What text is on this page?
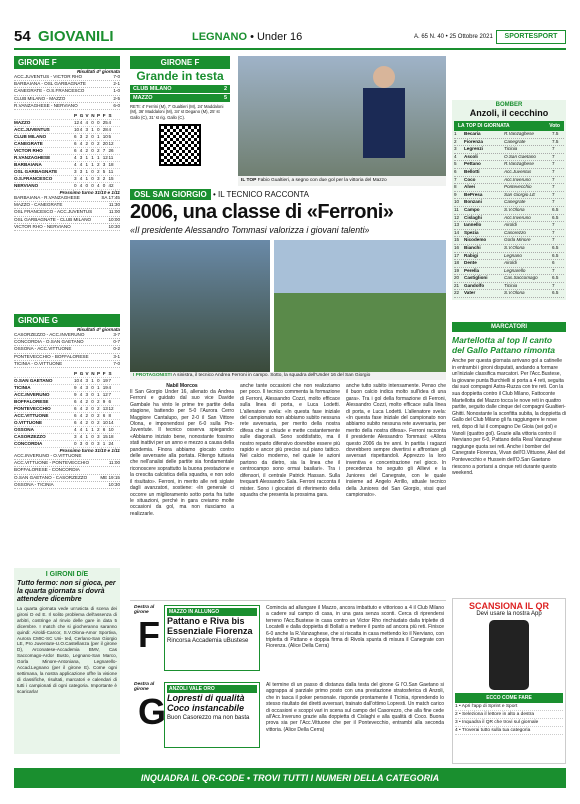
54 GIOVANILI	LEGNANO • Under 16	A. 65 N. 40 • 25 Ottobre 2021	SPORTESPORT
GIRONE F
Risultati 4ª giornata
ACC.JUVENTUS - VICTOR RHO	7-0
BARBAIANA - OSL GARBAGNATE	2-1
CANEGRATE - O.S.FRANCESCO	1-0
CLUB MILANO - MAZZO	2-5
R.VANZAGHESE - NERVIANO	6-0
P G V N P F S
MAZZO	12 4 4 0 0 25 4
ACC.JUVENTUS	10 4 3 1 0 28 4
CLUB MILANO	6 3 2 0 1 10 5
CANEGRATE	6 4 2 0 2 20 12
VICTOR RHO	6 4 2 0 2 7 26
R.VANZAGHESE	4 3 1 1 1 12 11
BARBAIANA	4 4 1 1 2 3 18
OSL GARBAGNATE	3 3 1 0 2 5 11
O.S.FRANCESCO	3 4 1 0 3 2 15
NERVIANO	0 4 0 0 4 0 42
Prossimo turno 31/10 e 1/11
BARBAIANA - R.VANZAGHESE	SA 17:45
MAZZO - CANEGRATE	11:30
OSL FRANCESCO - ACC.JUVENTUS	11:00
OSL GARBAGNATE - CLUB MILANO	10:00
VICTOR RHO - NERVIANO	10:30
GIRONE G
Risultati 4ª giornata
CASORZEZZO - ACC.INVERUNO	3-7
CONCORDIA - O.SAN GAETANO	0-7
OSSONA - ACC.VITTUONE	0-2
PONTEVECCHIO - BOFFALORESE	3-1
TICINIA - O.VITTUONE	7-0
P G V N P F S
O.SAN GAETANO	10 4 3 1 0 19 7
TICINIA	9 4 3 0 1 19 4
ACC.INVERUNO	9 4 3 0 1 12 7
BOFFALORESE	6 4 2 0 2 9 6
PONTEVECCHIO	6 4 2 0 2 13 12
ACC.VITTUONE	6 4 2 0 2 6 8
O.VITTUONE	6 4 2 0 2 10 14
OSSONA	4 4 1 1 2 6 10
CASORZEZZO	3 4 1 0 3 15 18
CONCORDIA	0 3 0 0 3 1 24
Prossimo turno 31/10 e 1/11
ACC.INVERUNO - O.VITTUONE
ACC.VITTUONE - PONTEVECCHIO	11:00
BOFFALORESE - CONCORDIA
O.SAN GAETANO - CASORZEZZO	ME 19:15
OSSONA - TICINIA	10:30
I GIRONI D/E
Tutto fermo: non si gioca, per la quarta giornata si dovrà attendere dicembre
La quarta giornata vede un'usicta di scena dei gironi D ed E. Il solito problema dell'assenza di arbitri, costringe al rinvio delle gare in data 5 dicembre. I match che si giocheranno saranno quindi: Airoldi-Carcor, S.V.Olona-Amor Sportiva, Aurora CMIC-SC Uni- ted, Cerlano-San Giorgio LE, Pro Juventute-U.O.Castellanza (per il girone D), Arconatese-Accademia BMV, Cas Saccomago-Ardor Busto, Legnano-San Marco, Gorla Minore-Antoniana, Legnarello-Accad.Legnano (per il girone E). Come ogni settimana, la nostra applicazione offre la visione di classifiche, risultati, marcatori e calendari di tutti i campionati di ogni categoria. Importante è scaricarla!
GIRONE F
Grande in testa
CLUB MILANO	2
MAZZO	5
RETI: 4' Ferrini (M), 7' Gualtieri (M), 24' Maddaloni (M), 36' Maddaloni (M), 34' st Degano (M), 25' st Gallo (C), 31' st rig. Gallo (C).
IL TOP Fabio Gualtieri, a segno con due gol per la vittoria del Mazzo
OSL SAN GIORGIO • IL TECNICO RACCONTA
2006, una classe di «Ferroni»
«Il presidente Alessandro Tommasi valorizza i giovani talenti»
I PROTAGONISTI A sinistra, il tecnico Andrea Ferroni in campo. Sotto, la squadra dell'Under 16 del San Giorgio
Nabil Morcos
Il San Giorgio Under 16, allenato da Andrea Ferroni e guidato dal suo vice Davide Gambale ha vinto le prime tre partite della stagione, battendo per 5-0 l'Aurora Cerro Maggiore Cantalupo, per 2-0 il San Vittore Olona, e imponendosi per 6-0 sulla Pro-Juventute. Il tecnico osserva spiegando: «Abbiamo iniziato bene, nonostante fossimo stati inattivi per un anno e mezzo a causa della pandemia. Finora abbiamo giocato contro delle avversarie alla portata. Ritengo tuttavia che nell'analisi delle partite sia fondamentale riconoscere soprattutto la buona prestazione e la crescita calcistica della squadra, e non solo il risultato». Ferroni, in merito alle reti siglate dagli avanzatori, sostiene: «In generale ci occorre un miglioramento sotto porta fra tutte le situazioni, perché in gara creiamo molte occasioni da gol, ma non riusciamo a realizzarle.
anche tante occasioni che non realizziamo per poco. Il tecnico commenta la formazione di Ferroni, Alessandro Cozzi, molto efficace sulla linea di porta, e Luca Lodetti. L'allenatore svela: «In questa fase iniziale del campionato non abbiamo subito nessuna rete avversaria, per merito della nostra difesa che si chiude e mette costantemente sulle diagonali. Sono soddisfatto, ma il nostro reparto difensivo dovrebbe essere più rapido e ancor più preciso sul piano tattico. Nel calcio moderno, nel quale le azioni partono da dietro, sia la linea che il centrocampo sono ormai basilari». Tra i difensori, il centrale Patrick Hassan. Sulla trequarti Alessandro Sala. Ferroni racconta il mister. Sono i giocatori di riferimento della squadra che presenta la prossima gara.
anche tutto subito intensamente. Penso che il buon calcio indica molto sull'idea di una gara». Tra i gol della formazione di Ferroni, Alessandro Cozzi, molto efficace sulla linea di porta, e Luca Lodetti. L'allenatore svela: «In questa fase iniziale del campionato non abbiamo subito nessuna rete avversaria, per merito della nostra difesa». Ferroni racconta il presidente Alessandro Tommasi: «Allora questo 2006 da tre anni. In partita i ragazzi dovrebbero sempre divertirsi e affrontare gli avversari rispettandoli. Apprezzo la loro inventiva e concentrazione nel gioco. In precedenza ho seguito gli Allievi e la Juniores del Canegrate, con le quale insieme ad Angelo Arrillo, attuale tecnico della Juniores del San Giorgio, vissi quel campionato».
BOMBER
Anzoli, il cecchino
LA TOP DI GIORNATA	Voto
1	Becaria	R.Vanzaghese	7.5
2	Fiorenza	Canegrate	7.5
3	Legrenzi	Ticinia	7
4	Ascoli	O.San Gaetano	7
5	Pettano	R.Vanzaghese	7
6	Bellotti	Acc.Juventus	7
7	Coco	Acc.Inveruno	7
8	Alvei	Pontevecchio	7
9	BePresa	San Giorgio LE	7
10	Bonzani	Canegrate	7
11	Campo	S.V.Olona	6.5
12	Cislaghi	Acc.Inveruno	6.5
13	Iannello	Airoldi	7
14	Spezia	Casorezzo	7
15	Nicodemo	Gorla Minore	7
16	Bianchi	S.V.Olona	6.5
17	Rabigi	Legnano	6.5
18	Dente	Airoldi	6
19	Perella	Legnarello	7
20	Castiglioni	Cas.Saccomago	6.5
21	Gandolfo	Ticinia	7
22	Vater	S.V.Olona	6.5
MARCATORI
Martellotta al top Il canto del Gallo Pattano rimonta
Anche per questa giornata arrivano gol a catinelle in entrambi i gironi disputati, andando a formare un'iniziale classifica marcatori. Per l'Acc.Bustese, la giovane punta Burchielli si porta a 4 reti, seguita dai suoi compagni Astra-Ruzza con tre reti. Con la sua doppietta contro il Club Milano, Fattoconte Martellotta del Mazzo tocca le nove reti in quattro partite, seguito dalle cinque del compagni Gualtieri-Ghitti. Nonostante la sconfitta subita, la doppietta di Gallo del Club Milano gli fa raggiungere le nove reti, dopo di lui il compagno De Gioia (sei gol) e Vanoli (quattro gol). Grazie alla vittoria contro il Nerviano per 6-0, Pattano della Real Vanzaghese raggiunge quota sei reti. Anche i bomber del Canegrate Fiorenza, Vivan dell'O.Vittuone, Akel del Pontevecchio e Hussein dell'O.San Gaetano riescono a portarsi a cinque reti durante questo weekend.
Destra al girone
F
MAZZO IN ALLUNGO
Pattano e Riva bis Essenziale Fiorenza
Rincorsa Accademia uBustese
Comincia ad allungare il Mazzo, ancora imbattuto e vittorioso a 4 il Club Milano a cadere sul campo di casa, in una gara senza sconti. Cerca di riprendersi terreno l'Acc.Bustese in casa contro un Victor Rho rinchiudato dalla triplette di Locatelli e dalla doppietta di Bollati a mettere il punto ad ancora più reti. Finisce 6-0 anche la R.Vanzaghese, che si riscatta in casa mettendo ko il Nerviano, con tripletta di Pattano e doppia firma di Rivola spunta di misura il Canegrate con Fiorenza. (Alice Della Cerra)
Destra al girone
G
ANZOLI VALE ORO
Lopresti di qualità Coco instancabile
Buon Casorezzo ma non basta
Al termine di un passo di distanza dalla testa del girone G l'O.San Gaetano si aggrappa al parziale primo posto con una prestazione stratosferica di Anzoli, che in tasca il poker personale. risponde prontamente il Ticinia, riprendendo lo stesso risultato dei diretti avversari, trainato dall'ottimo Lopresti. Un match carico di occasioni e scoppi vari in scena sul campo del Casorezzo, che alla fine cede all'Acc.Inveruno grazie alla doppietta di Cislaghi e alla qualità di Coco. Buona prova sia per l'Acc.Vittuone che per il Pontevecchio, entrambi alla seconda vittoria. (Alice Della Cerra)
SCANSIONA IL QR
Devi usare la nostra App
ECCO COME FARE
1 • Apri l'app di Sprint e Sport
2 • Seleziona il lettore in alto a destra
3 • Inquadra il QR che trovi sul giornale
4 • Troverai tutto sulla tua categoria
INQUADRA IL QR-CODE • TROVI TUTTI I NUMERI DELLA CATEGORIA
